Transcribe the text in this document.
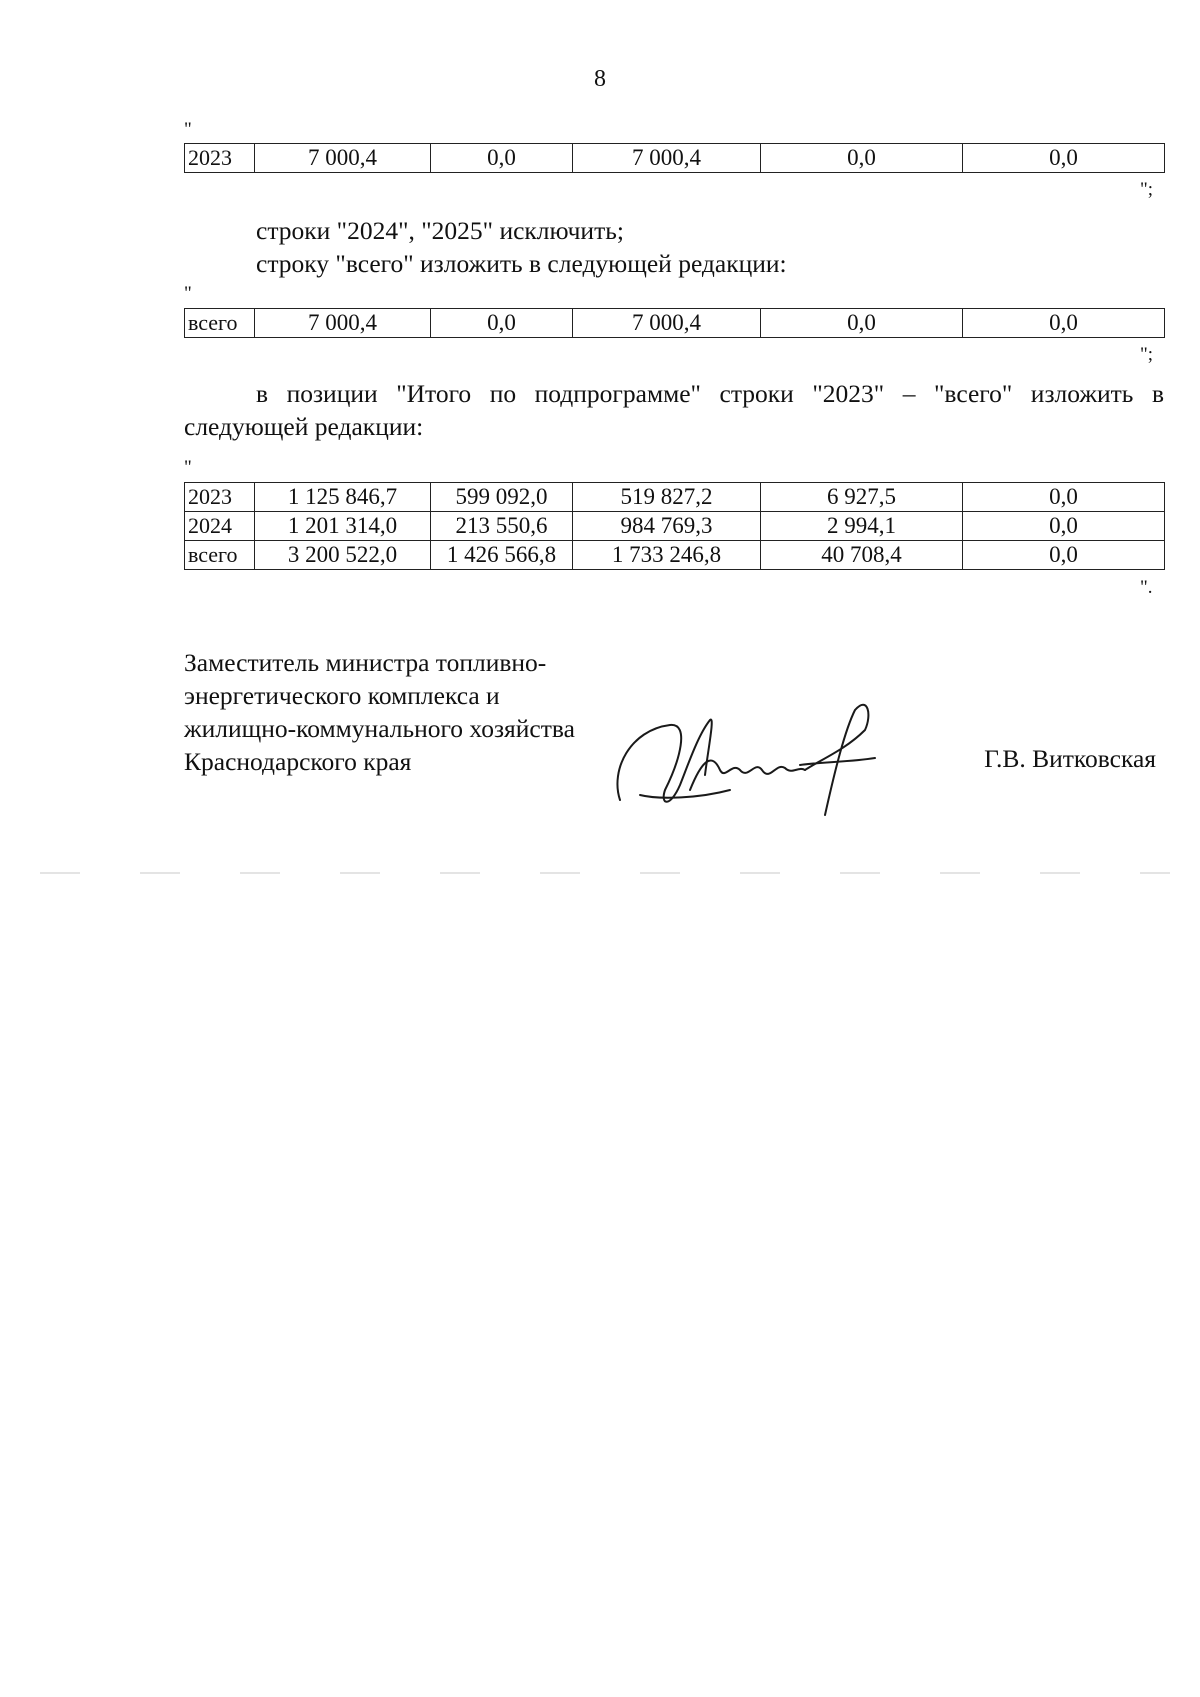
8
"
2023	7 000,4	0,0	7 000,4	0,0	0,0
";
строки "2024", "2025" исключить;
строку "всего" изложить в следующей редакции:
"
всего	7 000,4	0,0	7 000,4	0,0	0,0
";
в позиции "Итого по подпрограмме" строки "2023" – "всего" изложить в следующей редакции:
"
2023	1 125 846,7	599 092,0	519 827,2	6 927,5	0,0
2024	1 201 314,0	213 550,6	984 769,3	2 994,1	0,0
всего	3 200 522,0	1 426 566,8	1 733 246,8	40 708,4	0,0
".
Заместитель министра топливно-
энергетического комплекса и
жилищно-коммунального хозяйства
Краснодарского края	Г.В. Витковская
